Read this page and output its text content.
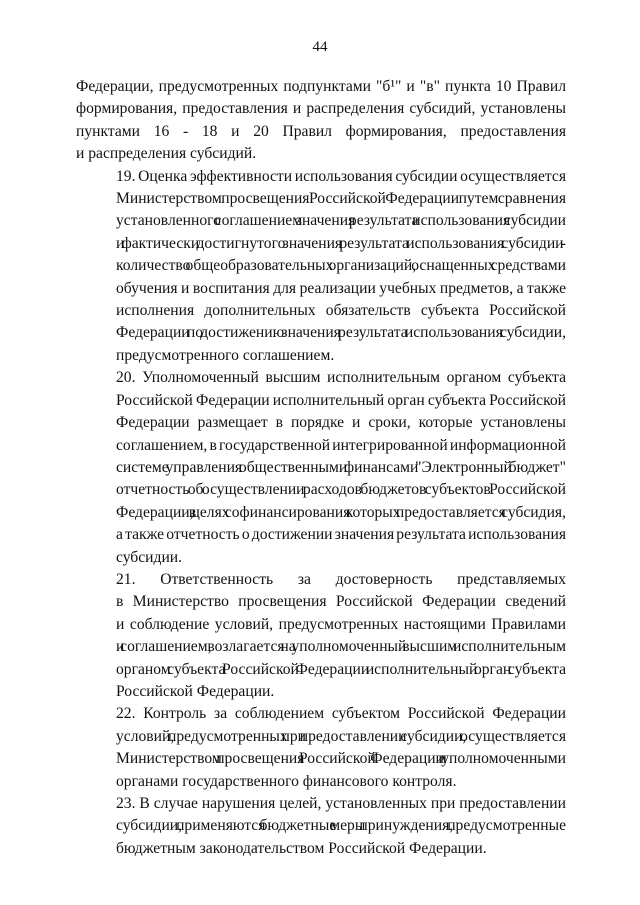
44

Федерации, предусмотренных подпунктами "б¹" и "в" пункта 10 Правил
формирования, предоставления и распределения субсидий, установлены
пунктами 16 - 18 и 20 Правил формирования, предоставления
и распределения субсидий.

19. Оценка эффективности использования субсидии осуществляется
Министерством просвещения Российской Федерации путем сравнения
установленного соглашением значения результата использования субсидии
и фактически достигнутого значения результата использования субсидии -
количество общеобразовательных организаций, оснащенных средствами
обучения и воспитания для реализации учебных предметов, а также
исполнения дополнительных обязательств субъекта Российской
Федерации по достижению значения результата использования субсидии,
предусмотренного соглашением.

20. Уполномоченный высшим исполнительным органом субъекта
Российской Федерации исполнительный орган субъекта Российской
Федерации размещает в порядке и сроки, которые установлены
соглашением, в государственной интегрированной информационной
системе управления общественными финансами "Электронный бюджет"
отчетность об осуществлении расходов бюджетов субъектов Российской
Федерации, в целях софинансирования которых предоставляется субсидия,
а также отчетность о достижении значения результата использования
субсидии.

21. Ответственность за достоверность представляемых
в Министерство просвещения Российской Федерации сведений
и соблюдение условий, предусмотренных настоящими Правилами
и соглашением, возлагается на уполномоченный высшим исполнительным
органом субъекта Российской Федерации исполнительный орган субъекта
Российской Федерации.

22. Контроль за соблюдением субъектом Российской Федерации
условий, предусмотренных при предоставлении субсидии, осуществляется
Министерством просвещения Российской Федерации и уполномоченными
органами государственного финансового контроля.

23. В случае нарушения целей, установленных при предоставлении
субсидии, применяются бюджетные меры принуждения, предусмотренные
бюджетным законодательством Российской Федерации.
